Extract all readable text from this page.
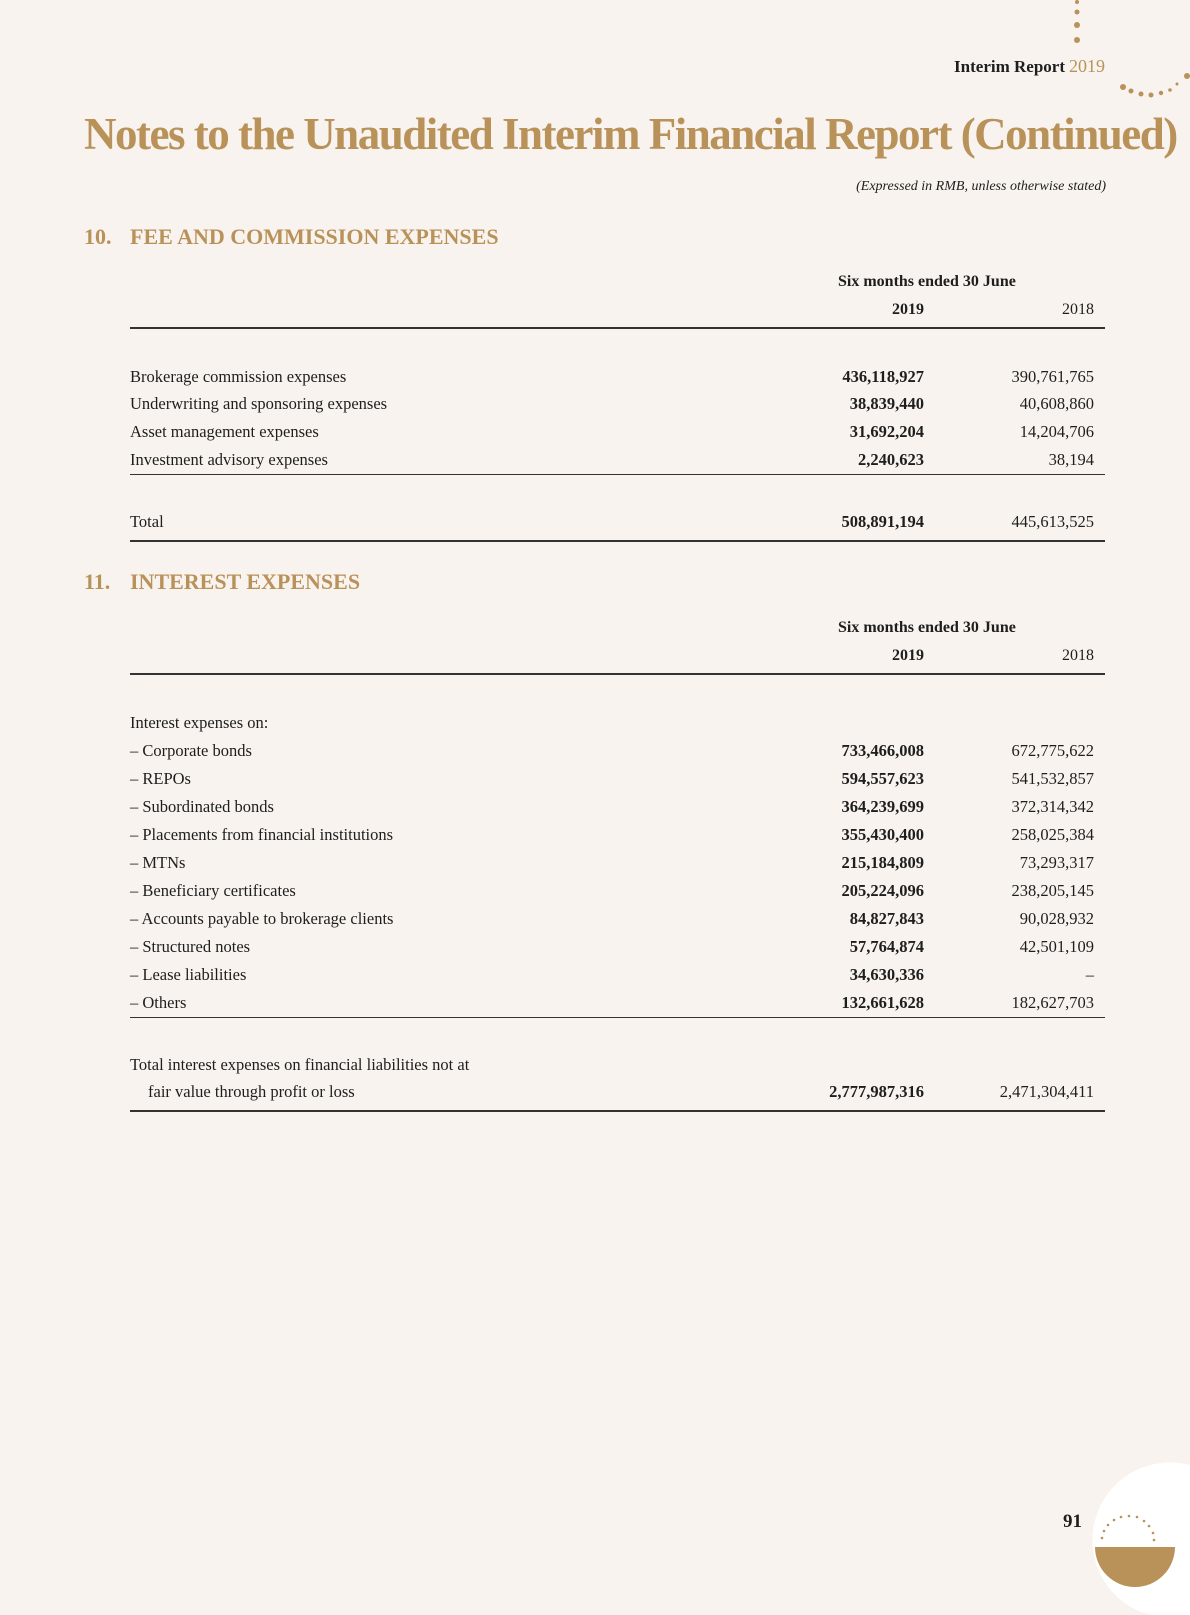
Interim Report 2019
Notes to the Unaudited Interim Financial Report (Continued)
(Expressed in RMB, unless otherwise stated)
10. FEE AND COMMISSION EXPENSES
Six months ended 30 June
2019	2018
Brokerage commission expenses	436,118,927	390,761,765
Underwriting and sponsoring expenses	38,839,440	40,608,860
Asset management expenses	31,692,204	14,204,706
Investment advisory expenses	2,240,623	38,194
Total	508,891,194	445,613,525
11. INTEREST EXPENSES
Six months ended 30 June
2019	2018
Interest expenses on:
– Corporate bonds	733,466,008	672,775,622
– REPOs	594,557,623	541,532,857
– Subordinated bonds	364,239,699	372,314,342
– Placements from financial institutions	355,430,400	258,025,384
– MTNs	215,184,809	73,293,317
– Beneficiary certificates	205,224,096	238,205,145
– Accounts payable to brokerage clients	84,827,843	90,028,932
– Structured notes	57,764,874	42,501,109
– Lease liabilities	34,630,336	–
– Others	132,661,628	182,627,703
Total interest expenses on financial liabilities not at
fair value through profit or loss	2,777,987,316	2,471,304,411
91
